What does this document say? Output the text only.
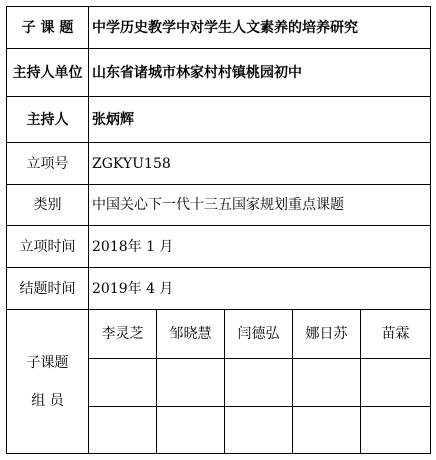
子 课 题	中学历史教学中对学生人文素养的培养研究				
主持人单位	山东省诸城市林家村村镇桃园初中				
主持人	张炳辉				
立项号	ZGKYU158				
类别	中国关心下一代十三五国家规划重点课题				
立项时间	2018年 1 月				
结题时间	2019年 4 月				

子课题
组 员	李灵芝	邹晓慧	闫德弘	娜日苏	苗霖
